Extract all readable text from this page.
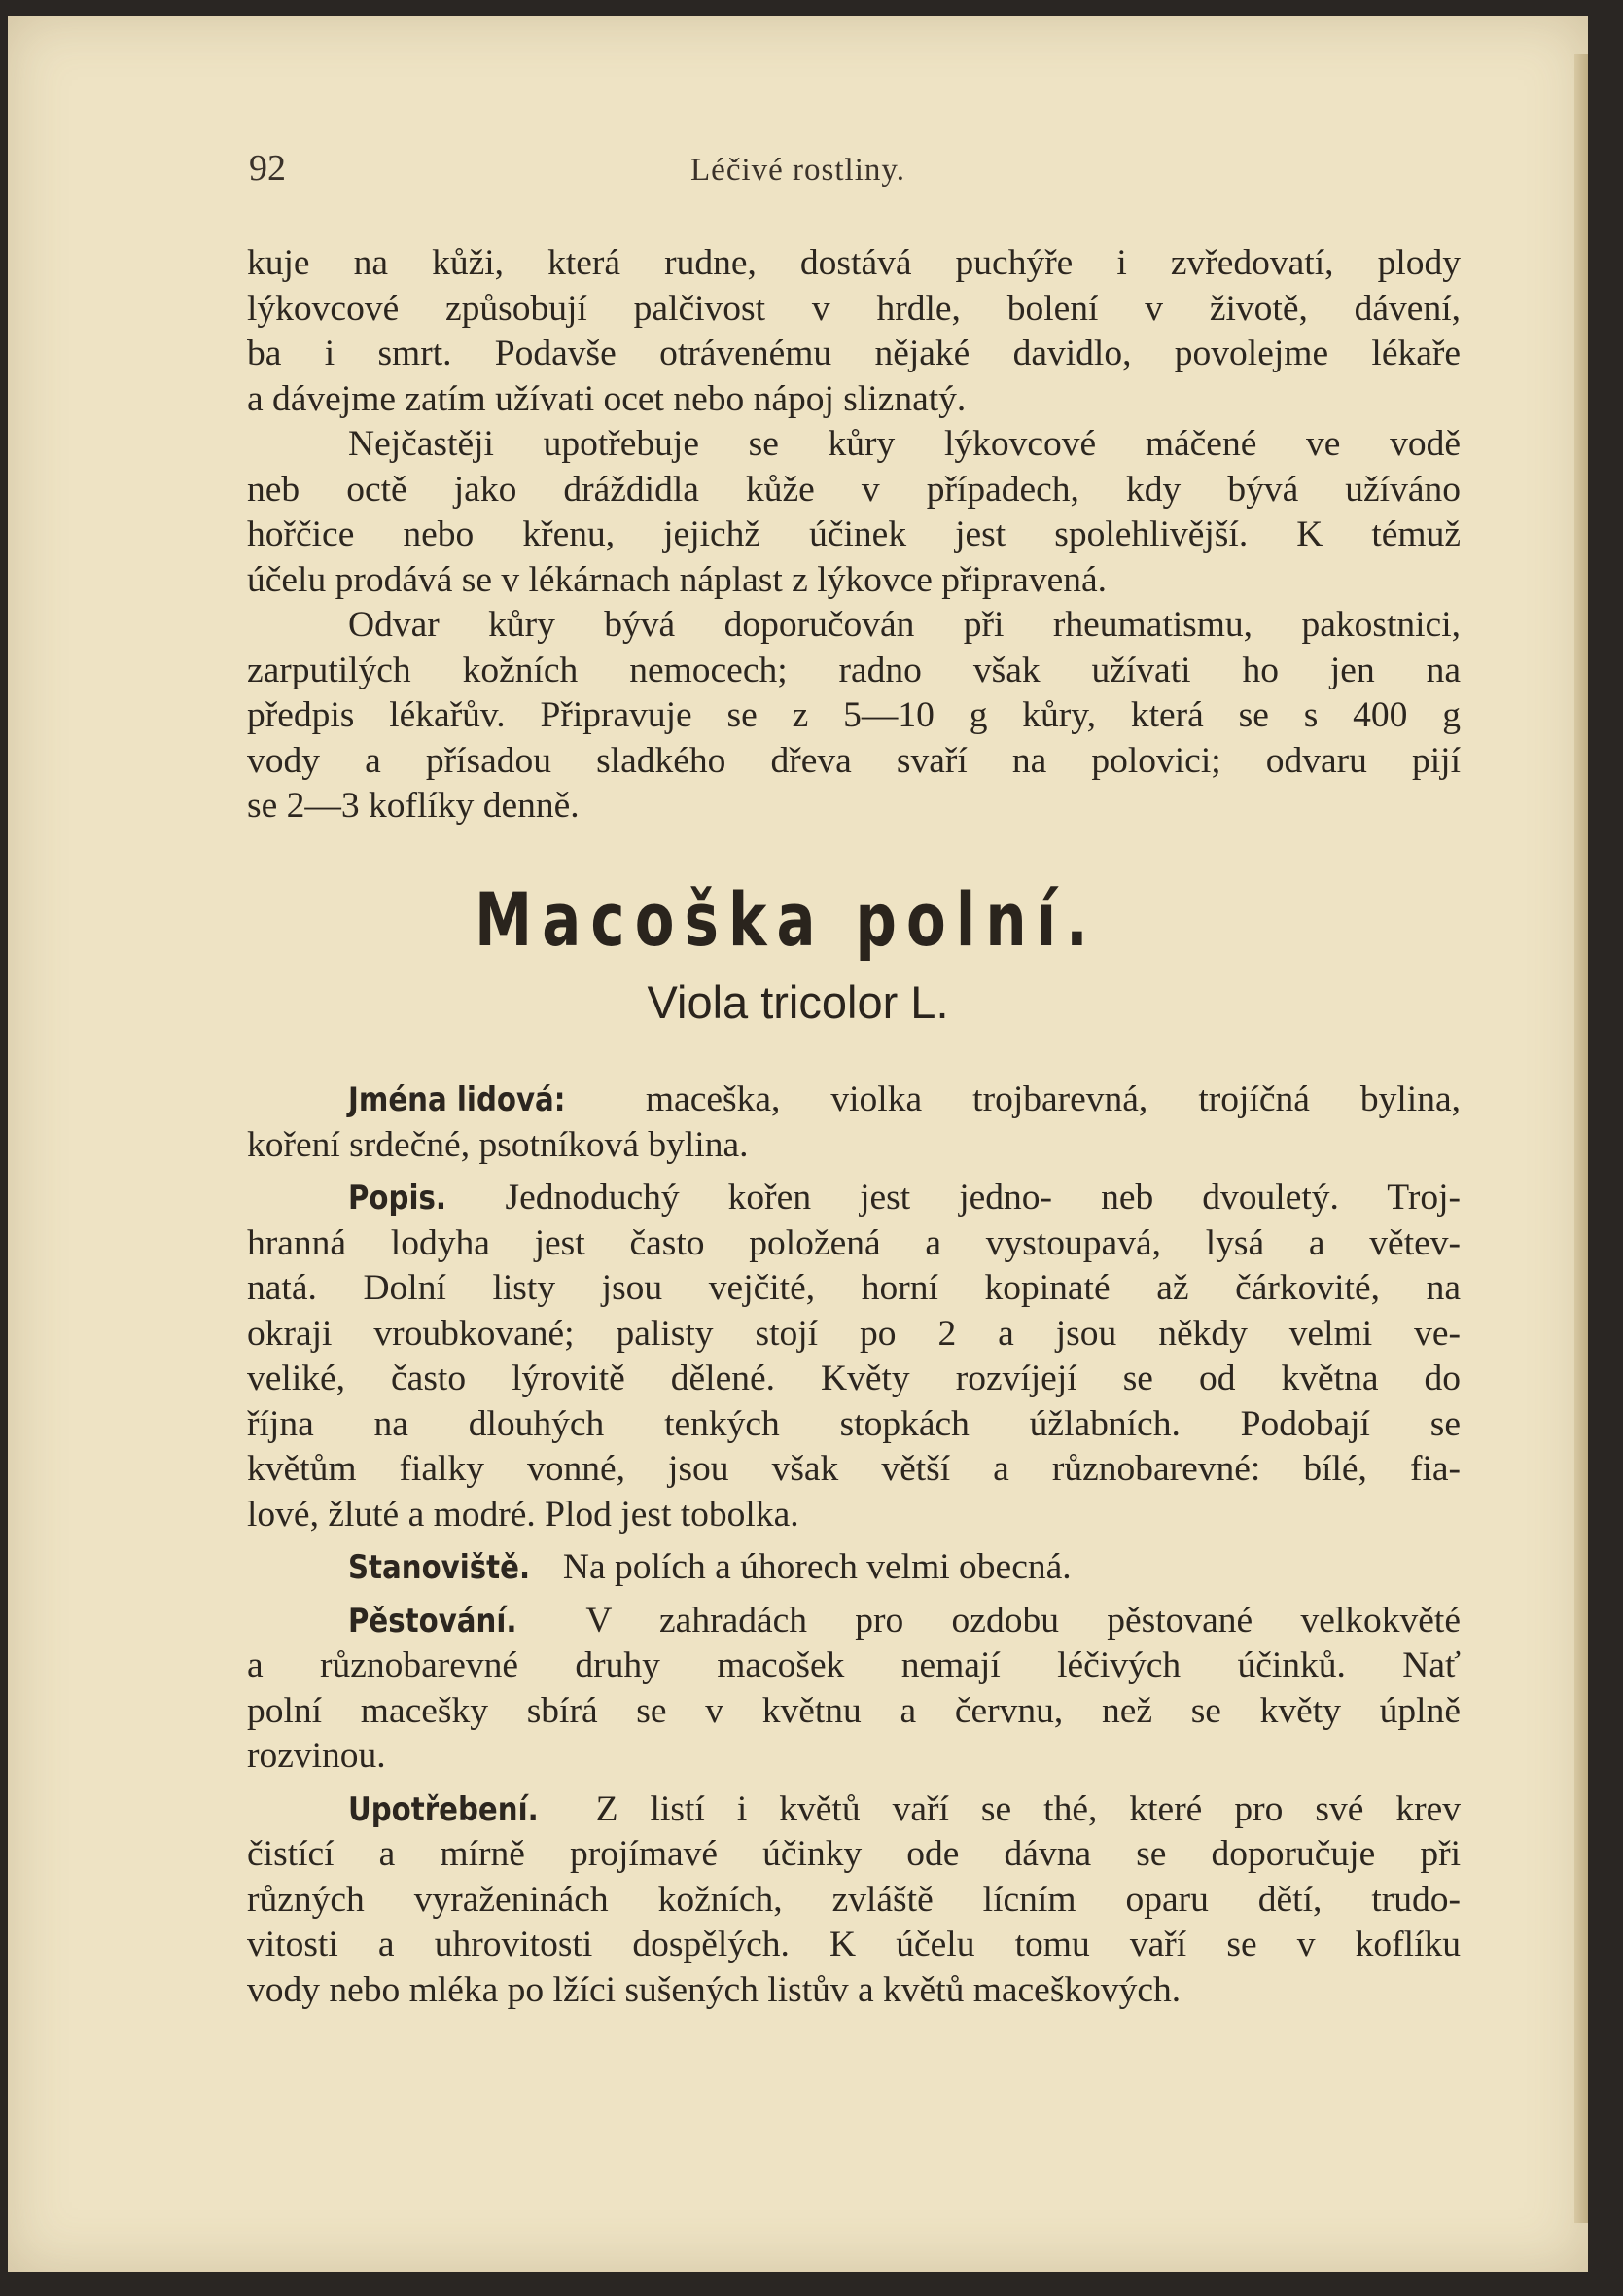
92	Léčivé rostliny.
kuje na kůži, která rudne, dostává puchýře i zvředovatí, plody
lýkovcové způsobují palčivost v hrdle, bolení v životě, dávení,
ba i smrt. Podavše otrávenému nějaké davidlo, povolejme lékaře
a dávejme zatím užívati ocet nebo nápoj sliznatý.
Nejčastěji upotřebuje se kůry lýkovcové máčené ve vodě
neb octě jako dráždidla kůže v případech, kdy bývá užíváno
hořčice nebo křenu, jejichž účinek jest spolehlivější. K témuž
účelu prodává se v lékárnach náplast z lýkovce připravená.
Odvar kůry bývá doporučován při rheumatismu, pakostnici,
zarputilých kožních nemocech; radno však užívati ho jen na
předpis lékařův. Připravuje se z 5—10 g kůry, která se s 400 g
vody a přísadou sladkého dřeva svaří na polovici; odvaru pijí
se 2—3 koflíky denně.
Macoška polní.
Viola tricolor L.
Jména lidová: maceška, violka trojbarevná, trojíčná bylina,
koření srdečné, psotníková bylina.
Popis. Jednoduchý kořen jest jedno- neb dvouletý. Troj-
hranná lodyha jest často položená a vystoupavá, lysá a větev-
natá. Dolní listy jsou vejčité, horní kopinaté až čárkovité, na
okraji vroubkované; palisty stojí po 2 a jsou někdy velmi ve-
veliké, často lýrovitě dělené. Květy rozvíjejí se od května do
října na dlouhých tenkých stopkách úžlabních. Podobají se
květům fialky vonné, jsou však větší a různobarevné: bílé, fia-
lové, žluté a modré. Plod jest tobolka.
Stanoviště. Na polích a úhorech velmi obecná.
Pěstování. V zahradách pro ozdobu pěstované velkokvěté
a různobarevné druhy macošek nemají léčivých účinků. Nať
polní macešky sbírá se v květnu a červnu, než se květy úplně
rozvinou.
Upotřebení. Z listí i květů vaří se thé, které pro své krev
čistící a mírně projímavé účinky ode dávna se doporučuje při
různých vyraženinách kožních, zvláště lícním oparu dětí, trudo-
vitosti a uhrovitosti dospělých. K účelu tomu vaří se v koflíku
vody nebo mléka po lžíci sušených listův a květů maceškových.
